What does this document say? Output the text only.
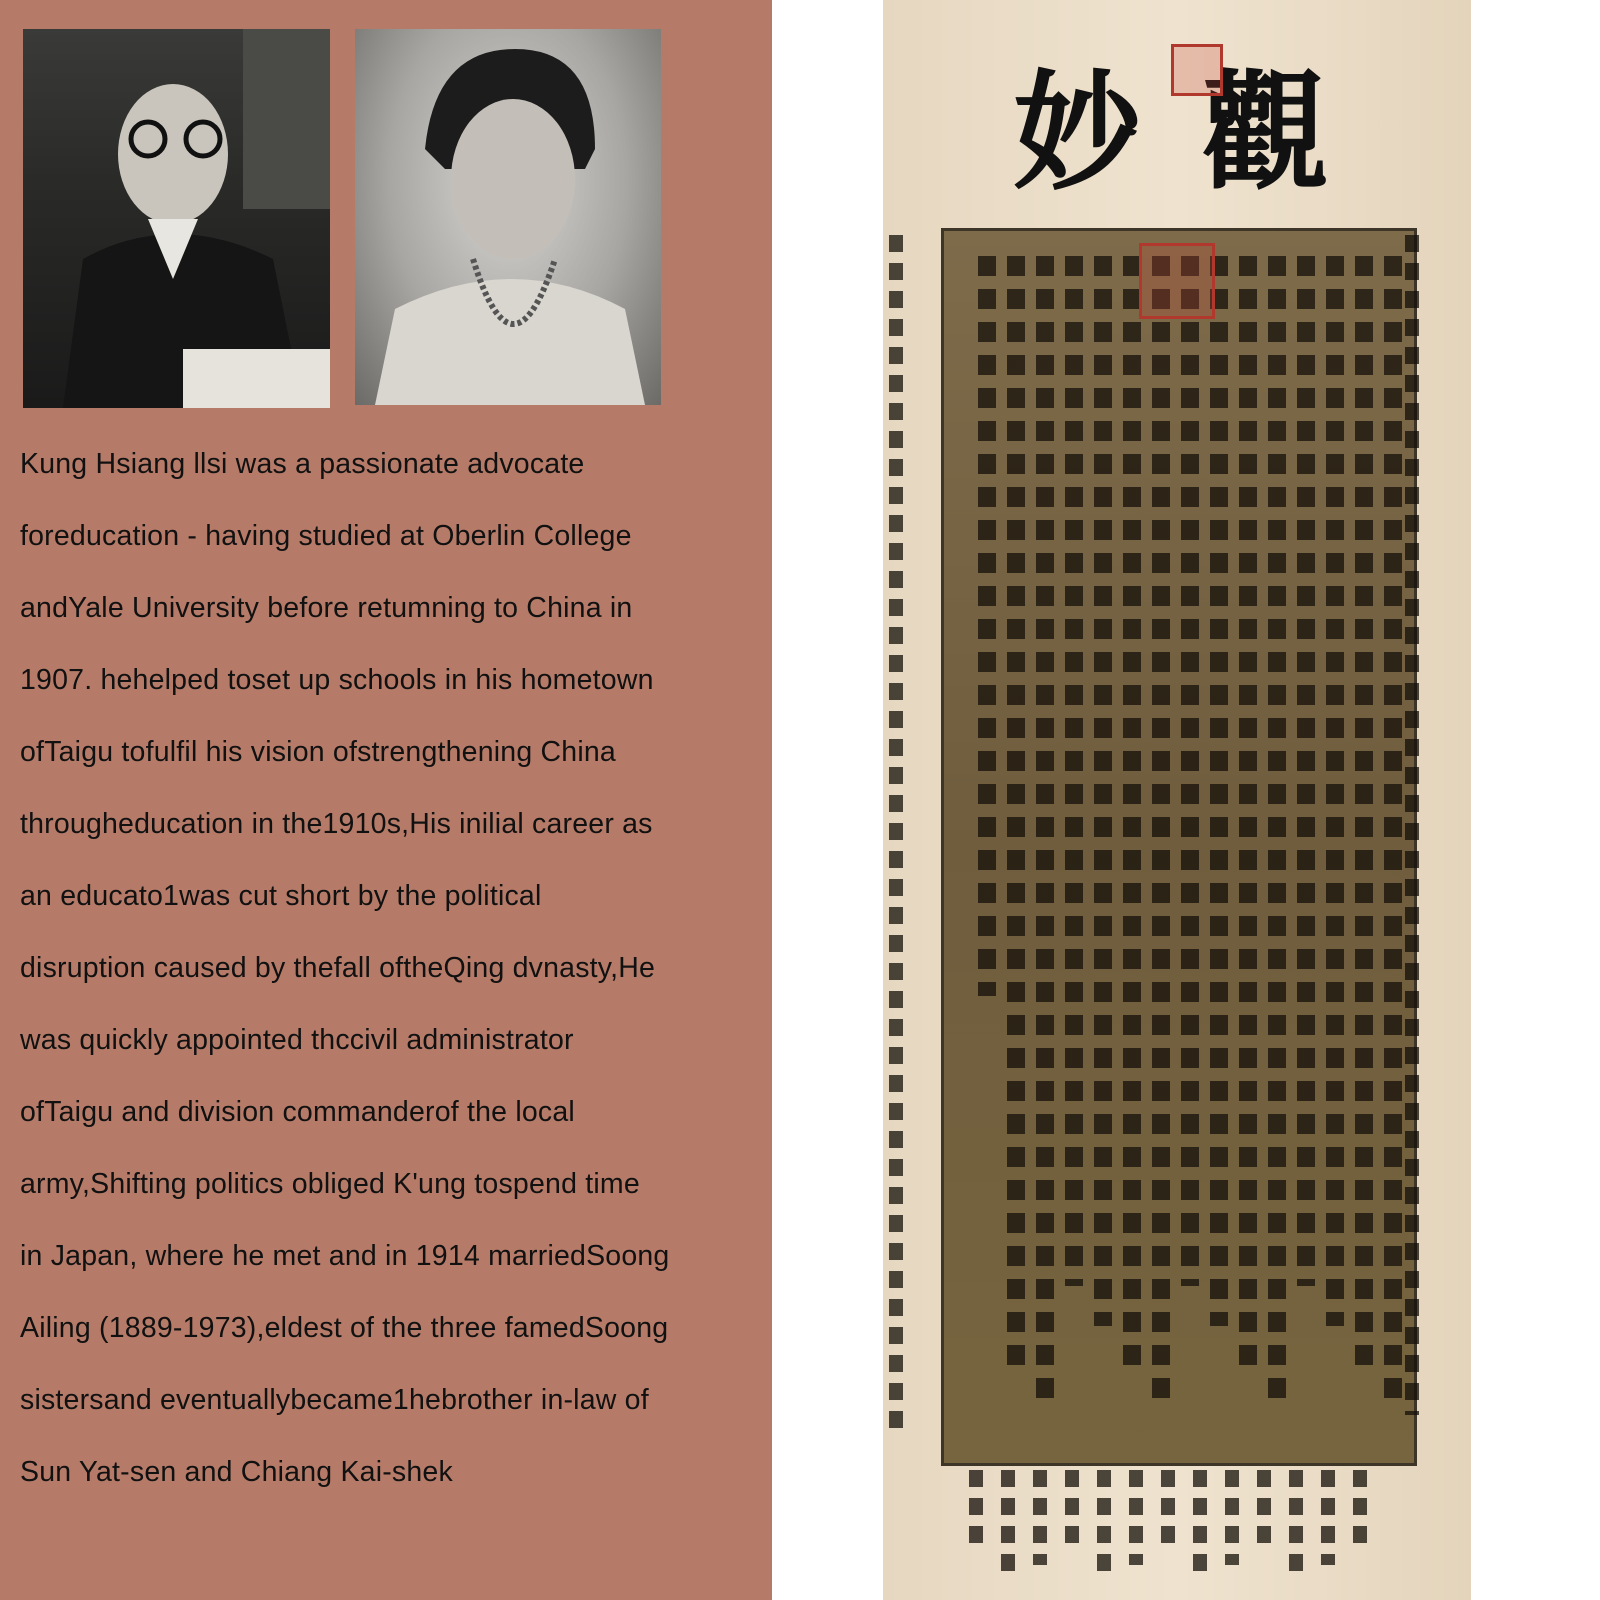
Kung Hsiang llsi was a passionate advocate
foreducation - having studied at Oberlin College
andYale University before retumning to China in
1907. hehelped toset up schools in his hometown
ofTaigu tofulfil his vision ofstrengthening China
througheducation in the1910s,His inilial career as
an educato1was cut short by the political
disruption caused by thefall oftheQing dvnasty,He
was quickly appointed thccivil administrator
ofTaigu and division commanderof the local
army,Shifting politics obliged K'ung tospend time
in Japan, where he met and in 1914 marriedSoong
Ailing (1889-1973),eldest of the three famedSoong
sistersand eventuallybecame1hebrother in-law of
Sun Yat-sen and Chiang Kai-shek
妙觀
